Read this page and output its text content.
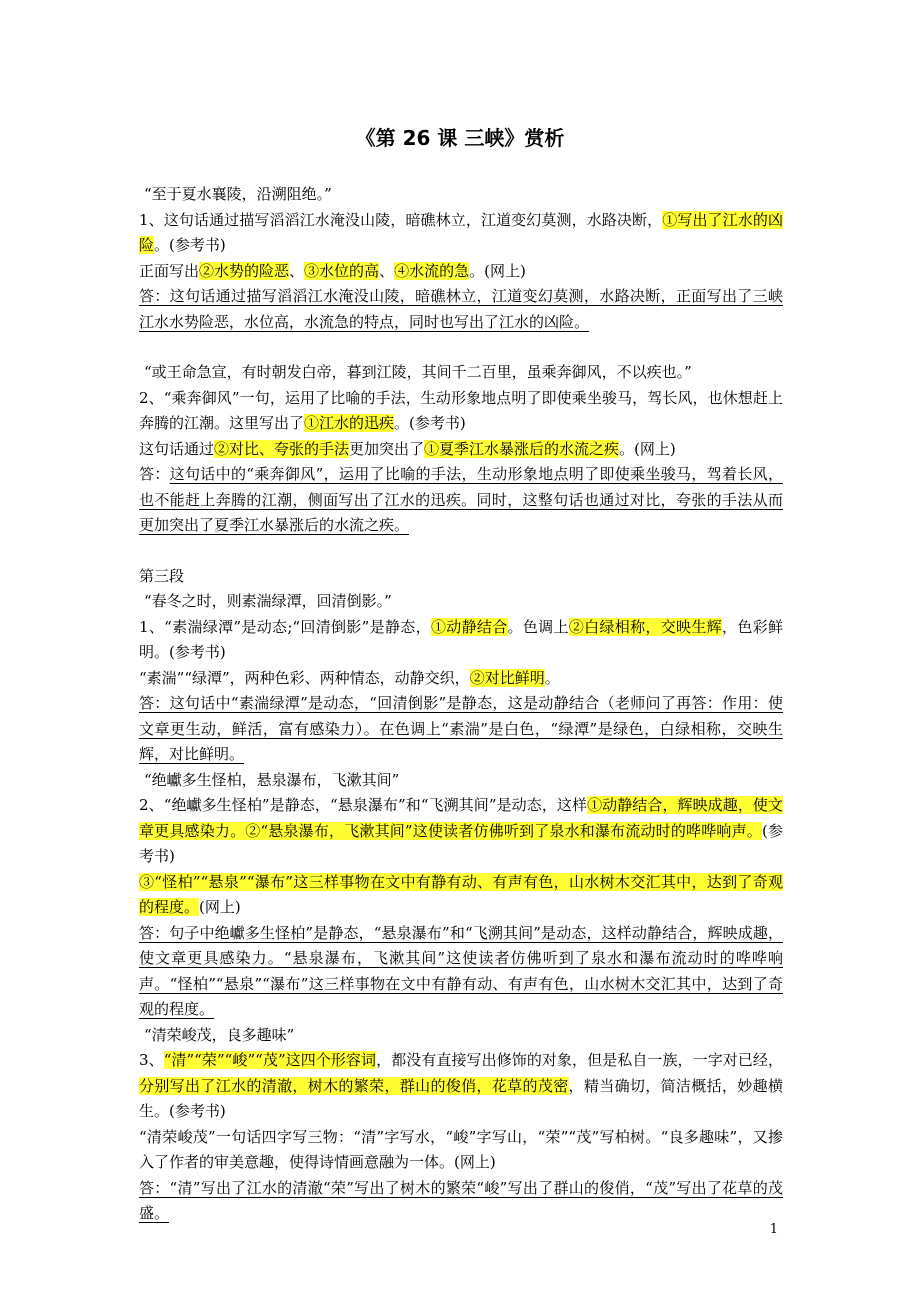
《第 26 课 三峡》赏析

“至于夏水襄陵，沿溯阻绝。”

1、这句话通过描写滔滔江水淹没山陵，暗礁林立，江道变幻莫测，水路决断，①写出了江水的凶险。(参考书)

正面写出②水势的险恶、③水位的高、④水流的急。(网上)

答：这句话通过描写滔滔江水淹没山陵，暗礁林立，江道变幻莫测，水路决断，正面写出了三峡江水水势险恶，水位高，水流急的特点，同时也写出了江水的凶险。

“或王命急宣，有时朝发白帝，暮到江陵，其间千二百里，虽乘奔御风，不以疾也。”

2、“乘奔御风”一句，运用了比喻的手法，生动形象地点明了即使乘坐骏马，驾长风，也休想赶上奔腾的江潮。这里写出了①江水的迅疾。(参考书)

这句话通过②对比、夸张的手法更加突出了①夏季江水暴涨后的水流之疾。(网上)

答：这句话中的“乘奔御风”，运用了比喻的手法，生动形象地点明了即使乘坐骏马，驾着长风，也不能赶上奔腾的江潮，侧面写出了江水的迅疾。同时，这整句话也通过对比，夸张的手法从而更加突出了夏季江水暴涨后的水流之疾。

第三段

“春冬之时，则素湍绿潭，回清倒影。”

1、“素湍绿潭”是动态;“回清倒影”是静态，①动静结合。色调上②白绿相称，交映生辉，色彩鲜明。(参考书)

“素湍”“绿潭”，两种色彩、两种情态，动静交织，②对比鲜明。

答：这句话中“素湍绿潭”是动态，“回清倒影”是静态，这是动静结合（老师问了再答：作用：使文章更生动，鲜活，富有感染力）。在色调上“素湍”是白色，“绿潭”是绿色，白绿相称，交映生辉，对比鲜明。

“绝巘多生怪柏，悬泉瀑布，飞漱其间”

2、“绝巘多生怪柏”是静态，“悬泉瀑布”和“飞溯其间”是动态，这样①动静结合，辉映成趣，使文章更具感染力。②“悬泉瀑布，飞漱其间”这使读者仿佛听到了泉水和瀑布流动时的哗哗响声。(参考书)

③“怪柏”“悬泉”“瀑布”这三样事物在文中有静有动、有声有色，山水树木交汇其中，达到了奇观的程度。(网上)

答：句子中绝巘多生怪柏”是静态，“悬泉瀑布”和“飞溯其间”是动态，这样动静结合，辉映成趣，使文章更具感染力。“悬泉瀑布，飞漱其间”这使读者仿佛听到了泉水和瀑布流动时的哗哗响声。“怪柏”“悬泉”“瀑布”这三样事物在文中有静有动、有声有色，山水树木交汇其中，达到了奇观的程度。

“清荣峻茂，良多趣味”

3、“清”“荣”“峻”“茂”这四个形容词，都没有直接写出修饰的对象，但是私自一族，一字对已经，分别写出了江水的清澈，树木的繁荣，群山的俊俏，花草的茂密，精当确切，简洁概括，妙趣横生。(参考书)

“清荣峻茂”一句话四字写三物：“清”字写水，“峻”字写山，“荣”“茂”写柏树。“良多趣味”，又掺入了作者的审美意趣，使得诗情画意融为一体。(网上)

答：“清”写出了江水的清澈“荣”写出了树木的繁荣“峻”写出了群山的俊俏，“茂”写出了花草的茂盛。

1
